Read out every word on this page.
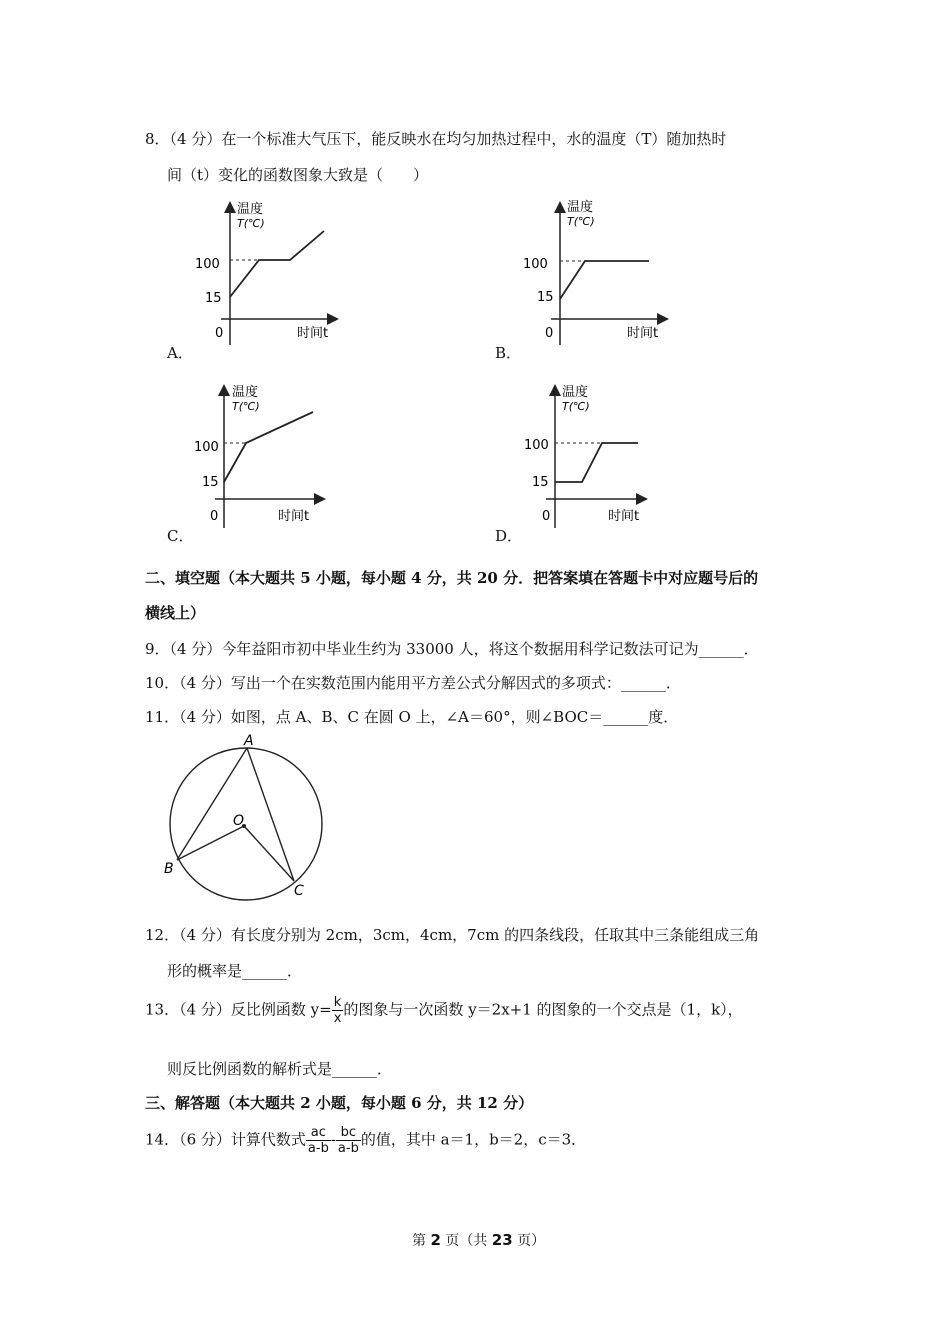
8．（4 分）在一个标准大气压下，能反映水在均匀加热过程中，水的温度（T）随加热时
间（t）变化的函数图象大致是（　　）
温度
T(℃)
100
15
0	时间t
A．
温度
T(℃)
100
15
0	时间t
B．
温度
T(℃)
100
15
0	时间t
C．
温度
T(℃)
100
15
0	时间t
D．
二、填空题（本大题共 5 小题，每小题 4 分，共 20 分．把答案填在答题卡中对应题号后的
横线上）
9．（4 分）今年益阳市初中毕业生约为 33000 人，将这个数据用科学记数法可记为______．
10．（4 分）写出一个在实数范围内能用平方差公式分解因式的多项式：______．
11．（4 分）如图，点 A、B、C 在圆 O 上，∠A＝60°，则∠BOC＝______度．
A
B
C
O
12．（4 分）有长度分别为 2cm，3cm，4cm，7cm 的四条线段，任取其中三条能组成三角
形的概率是______．
13．（4 分）反比例函数 $y= \frac{k}{x}$ 的图象与一次函数 y＝2x+1 的图象的一个交点是（1，k），
则反比例函数的解析式是______．
三、解答题（本大题共 2 小题，每小题 6 分，共 12 分）
14．（6 分）计算代数式 $\frac{ac}{a-b} - \frac{bc}{a-b}$ 的值，其中 a＝1，b＝2，c＝3．
第 2 页（共 23 页）
